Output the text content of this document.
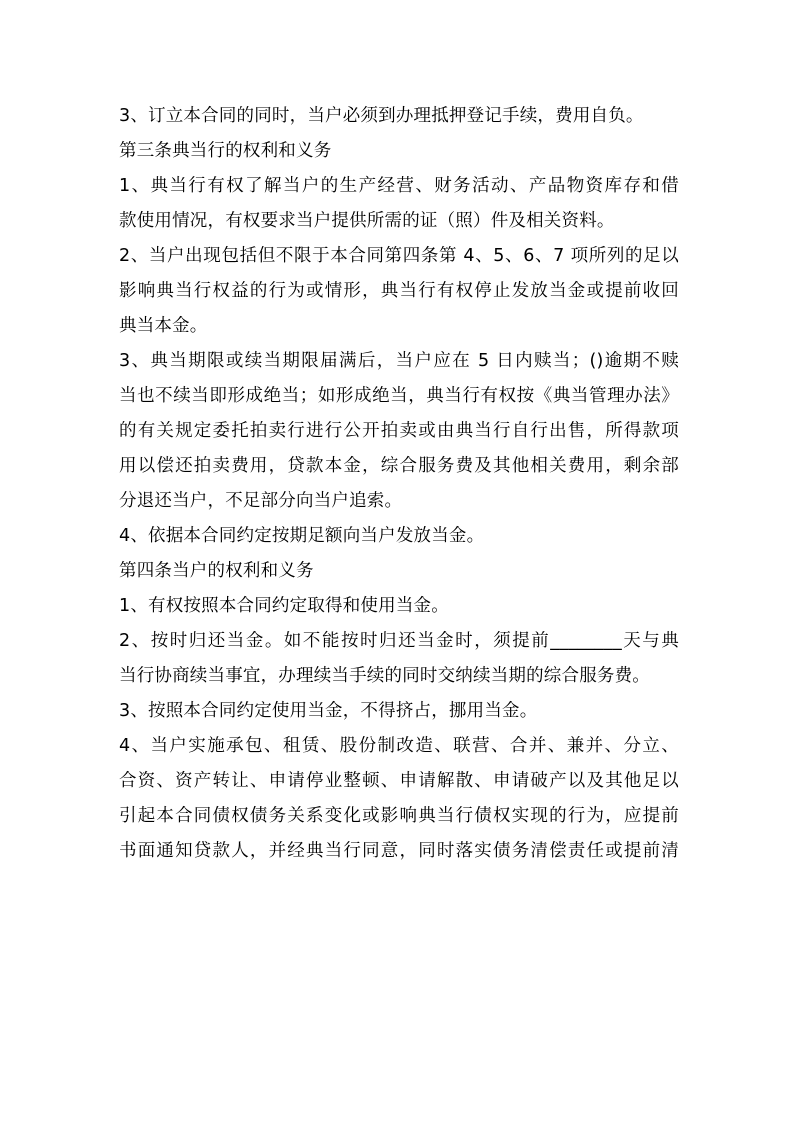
3、订立本合同的同时，当户必须到办理抵押登记手续，费用自负。
第三条典当行的权利和义务
1、典当行有权了解当户的生产经营、财务活动、产品物资库存和借
款使用情况，有权要求当户提供所需的证（照）件及相关资料。
2、当户出现包括但不限于本合同第四条第 4、5、6、7 项所列的足以
影响典当行权益的行为或情形，典当行有权停止发放当金或提前收回
典当本金。
3、典当期限或续当期限届满后，当户应在 5 日内赎当；()逾期不赎
当也不续当即形成绝当；如形成绝当，典当行有权按《典当管理办法》
的有关规定委托拍卖行进行公开拍卖或由典当行自行出售，所得款项
用以偿还拍卖费用，贷款本金，综合服务费及其他相关费用，剩余部
分退还当户，不足部分向当户追索。
4、依据本合同约定按期足额向当户发放当金。
第四条当户的权利和义务
1、有权按照本合同约定取得和使用当金。
2、按时归还当金。如不能按时归还当金时，须提前________天与典
当行协商续当事宜，办理续当手续的同时交纳续当期的综合服务费。
3、按照本合同约定使用当金，不得挤占，挪用当金。
4、当户实施承包、租赁、股份制改造、联营、合并、兼并、分立、
合资、资产转让、申请停业整顿、申请解散、申请破产以及其他足以
引起本合同债权债务关系变化或影响典当行债权实现的行为，应提前
书面通知贷款人，并经典当行同意，同时落实债务清偿责任或提前清
